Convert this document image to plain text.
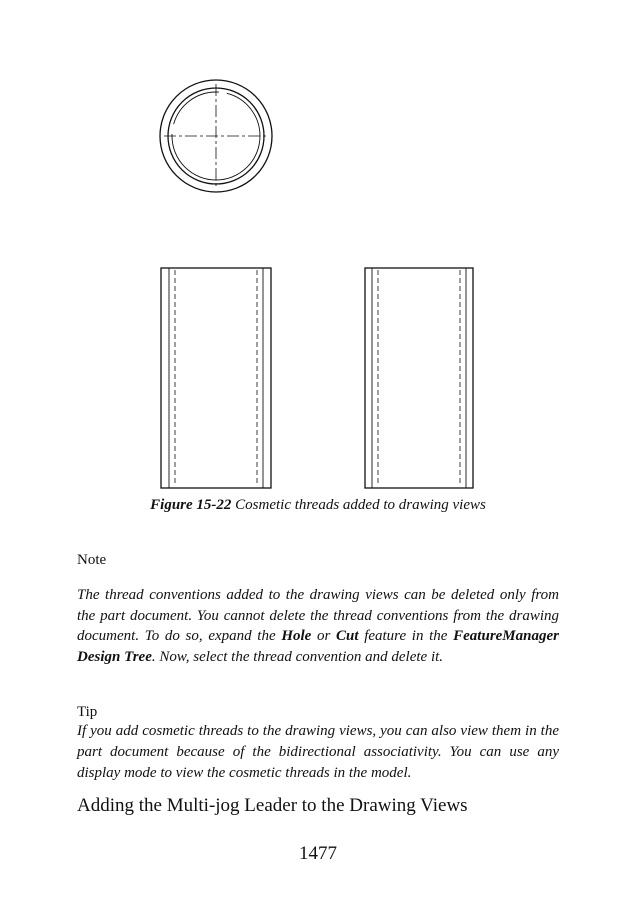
Figure 15-22 Cosmetic threads added to drawing views
Note
The thread conventions added to the drawing views can be deleted only from the part document. You cannot delete the thread conventions from the drawing document. To do so, expand the Hole or Cut feature in the FeatureManager Design Tree. Now, select the thread convention and delete it.
Tip
If you add cosmetic threads to the drawing views, you can also view them in the part document because of the bidirectional associativity. You can use any display mode to view the cosmetic threads in the model.
Adding the Multi-jog Leader to the Drawing Views
1477
